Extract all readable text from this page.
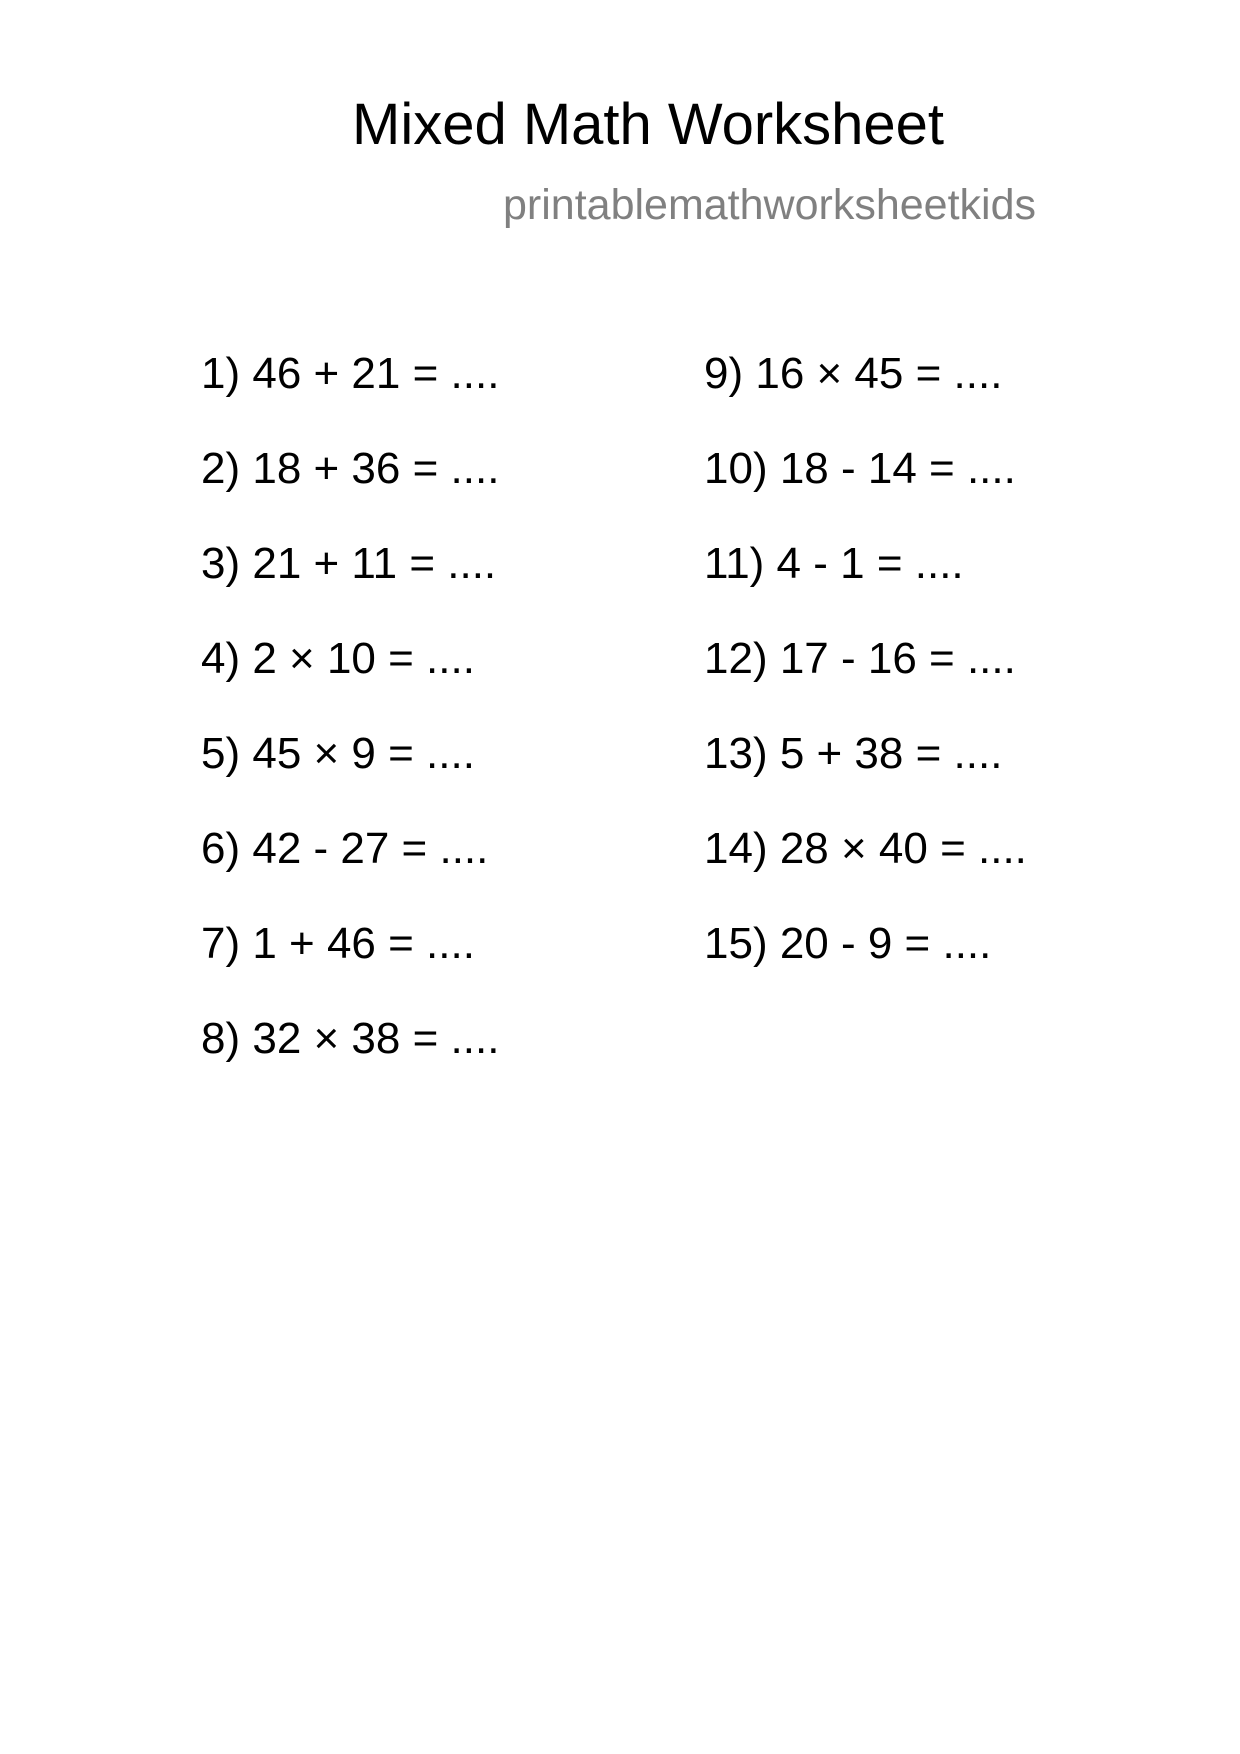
Mixed Math Worksheet
printablemathworksheetkids
1) 46 + 21 = ....
2) 18 + 36 = ....
3) 21 + 11 = ....
4) 2 × 10 = ....
5) 45 × 9 = ....
6) 42 - 27 = ....
7) 1 + 46 = ....
8) 32 × 38 = ....
9) 16 × 45 = ....
10) 18 - 14 = ....
11) 4 - 1 = ....
12) 17 - 16 = ....
13) 5 + 38 = ....
14) 28 × 40 = ....
15) 20 - 9 = ....
